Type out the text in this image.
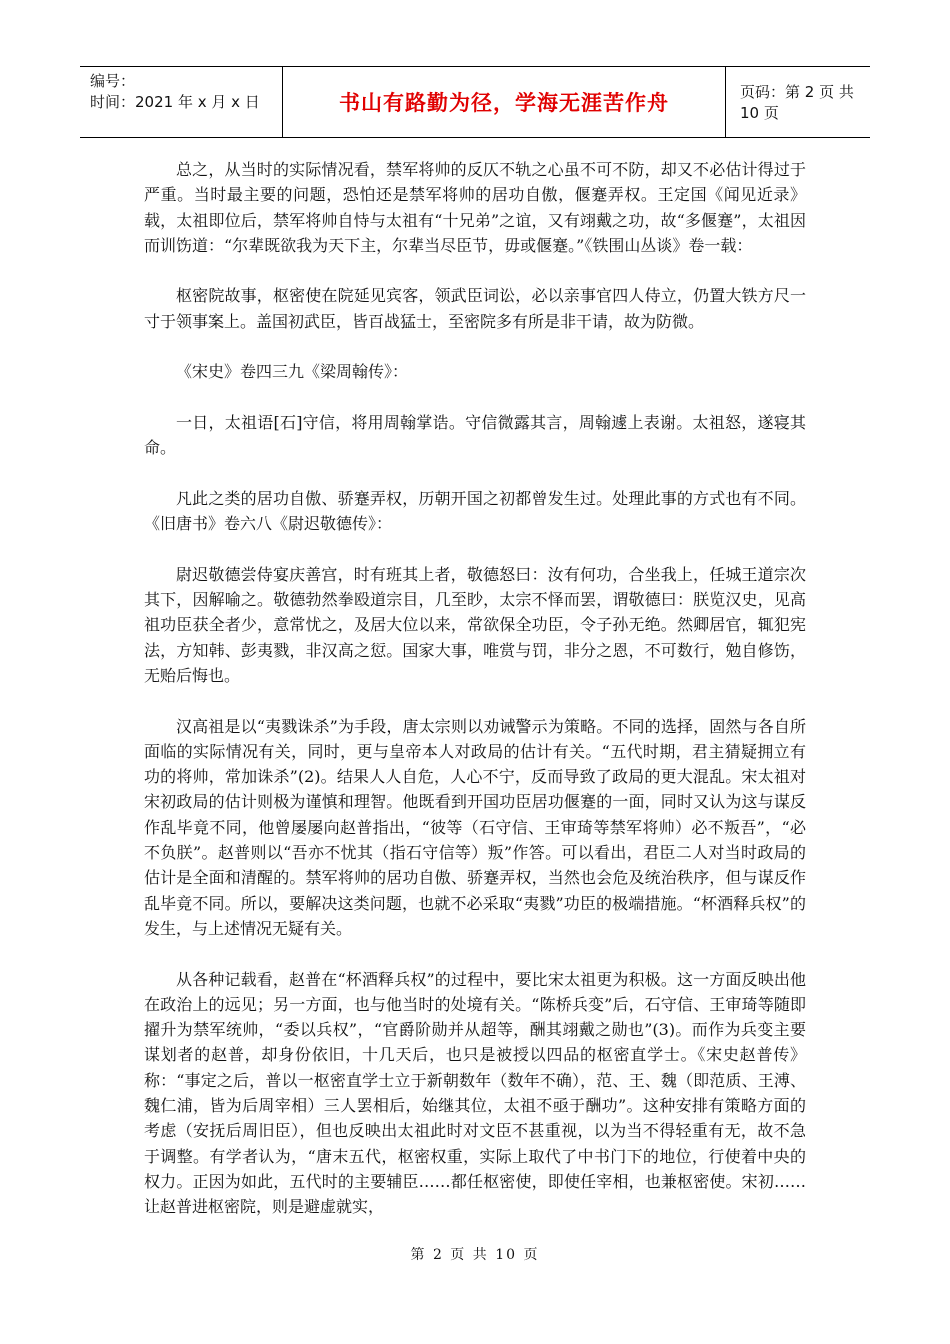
编号：
时间：2021 年 x 月 x 日	书山有路勤为径，学海无涯苦作舟	页码：第 2 页 共 10 页

总之，从当时的实际情况看，禁军将帅的反仄不轨之心虽不可不防，却又不必估计得过于严重。当时最主要的问题，恐怕还是禁军将帅的居功自傲，偃蹇弄权。王定国《闻见近录》载，太祖即位后，禁军将帅自恃与太祖有“十兄弟”之谊，又有翊戴之功，故“多偃蹇”，太祖因而训饬道：“尔辈既欲我为天下主，尔辈当尽臣节，毋或偃蹇。”《铁围山丛谈》卷一载：

枢密院故事，枢密使在院延见宾客，领武臣词讼，必以亲事官四人侍立，仍置大铁方尺一寸于领事案上。盖国初武臣，皆百战猛士，至密院多有所是非干请，故为防微。

《宋史》卷四三九《梁周翰传》：

一日，太祖语[石]守信，将用周翰掌诰。守信微露其言，周翰遽上表谢。太祖怒，遂寝其命。

凡此之类的居功自傲、骄蹇弄权，历朝开国之初都曾发生过。处理此事的方式也有不同。《旧唐书》卷六八《尉迟敬德传》：

尉迟敬德尝侍宴庆善宫，时有班其上者，敬德怒曰：汝有何功，合坐我上，任城王道宗次其下，因解喻之。敬德勃然拳殴道宗目，几至眇，太宗不怿而罢，谓敬德曰：朕览汉史，见高祖功臣获全者少，意常忧之，及居大位以来，常欲保全功臣，令子孙无绝。然卿居官，辄犯宪法，方知韩、彭夷戮，非汉高之愆。国家大事，唯赏与罚，非分之恩，不可数行，勉自修饬，无贻后悔也。

汉高祖是以“夷戮诛杀”为手段，唐太宗则以劝诫警示为策略。不同的选择，固然与各自所面临的实际情况有关，同时，更与皇帝本人对政局的估计有关。“五代时期，君主猜疑拥立有功的将帅，常加诛杀”(2)。结果人人自危，人心不宁，反而导致了政局的更大混乱。宋太祖对宋初政局的估计则极为谨慎和理智。他既看到开国功臣居功偃蹇的一面，同时又认为这与谋反作乱毕竟不同，他曾屡屡向赵普指出，“彼等（石守信、王审琦等禁军将帅）必不叛吾”，“必不负朕”。赵普则以“吾亦不忧其（指石守信等）叛”作答。可以看出，君臣二人对当时政局的估计是全面和清醒的。禁军将帅的居功自傲、骄蹇弄权，当然也会危及统治秩序，但与谋反作乱毕竟不同。所以，要解决这类问题，也就不必采取“夷戮”功臣的极端措施。“杯酒释兵权”的发生，与上述情况无疑有关。

从各种记载看，赵普在“杯酒释兵权”的过程中，要比宋太祖更为积极。这一方面反映出他在政治上的远见；另一方面，也与他当时的处境有关。“陈桥兵变”后，石守信、王审琦等随即擢升为禁军统帅，“委以兵权”，“官爵阶勋并从超等，酬其翊戴之勋也”(3)。而作为兵变主要谋划者的赵普，却身份依旧，十几天后，也只是被授以四品的枢密直学士。《宋史赵普传》称：“事定之后，普以一枢密直学士立于新朝数年（数年不确），范、王、魏（即范质、王溥、魏仁浦，皆为后周宰相）三人罢相后，始继其位，太祖不亟于酬功”。这种安排有策略方面的考虑（安抚后周旧臣），但也反映出太祖此时对文臣不甚重视，以为当不得轻重有无，故不急于调整。有学者认为，“唐末五代，枢密权重，实际上取代了中书门下的地位，行使着中央的权力。正因为如此，五代时的主要辅臣……都任枢密使，即使任宰相，也兼枢密使。宋初……让赵普进枢密院，则是避虚就实，

第 2 页 共 10 页
